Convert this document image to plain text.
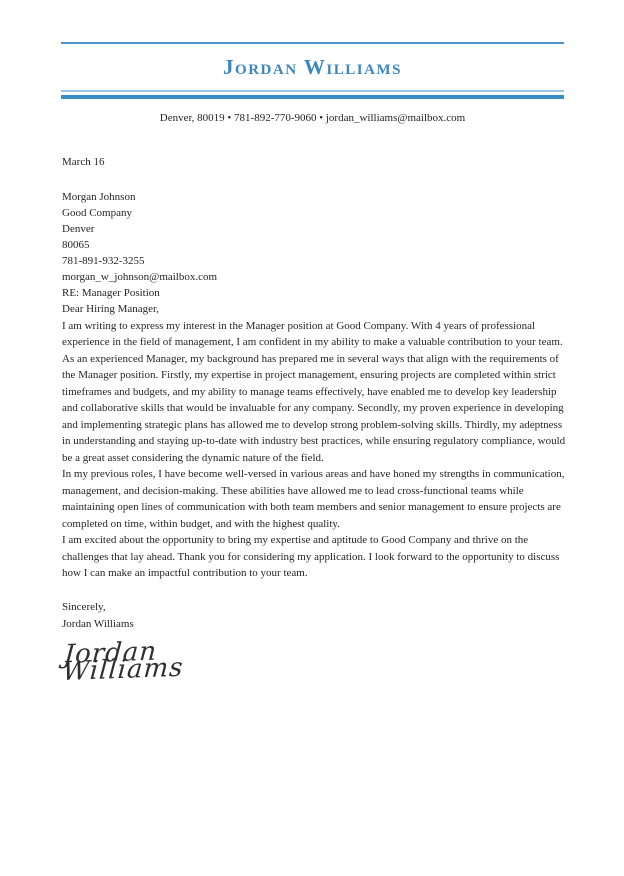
Jordan Williams
Denver, 80019 • 781-892-770-9060 • jordan_williams@mailbox.com

March 16

Morgan Johnson
Good Company
Denver
80065
781-891-932-3255
morgan_w_johnson@mailbox.com

RE: Manager Position

Dear Hiring Manager,

I am writing to express my interest in the Manager position at Good Company. With 4 years of professional experience in the field of management, I am confident in my ability to make a valuable contribution to your team.

As an experienced Manager, my background has prepared me in several ways that align with the requirements of the Manager position. Firstly, my expertise in project management, ensuring projects are completed within strict timeframes and budgets, and my ability to manage teams effectively, have enabled me to develop key leadership and collaborative skills that would be invaluable for any company. Secondly, my proven experience in developing and implementing strategic plans has allowed me to develop strong problem-solving skills. Thirdly, my adeptness in understanding and staying up-to-date with industry best practices, while ensuring regulatory compliance, would be a great asset considering the dynamic nature of the field.

In my previous roles, I have become well-versed in various areas and have honed my strengths in communication, management, and decision-making. These abilities have allowed me to lead cross-functional teams while maintaining open lines of communication with both team members and senior management to ensure projects are completed on time, within budget, and with the highest quality.

I am excited about the opportunity to bring my expertise and aptitude to Good Company and thrive on the challenges that lay ahead. Thank you for considering my application. I look forward to the opportunity to discuss how I can make an impactful contribution to your team.

Sincerely,
Jordan Williams
Jordan Williams
